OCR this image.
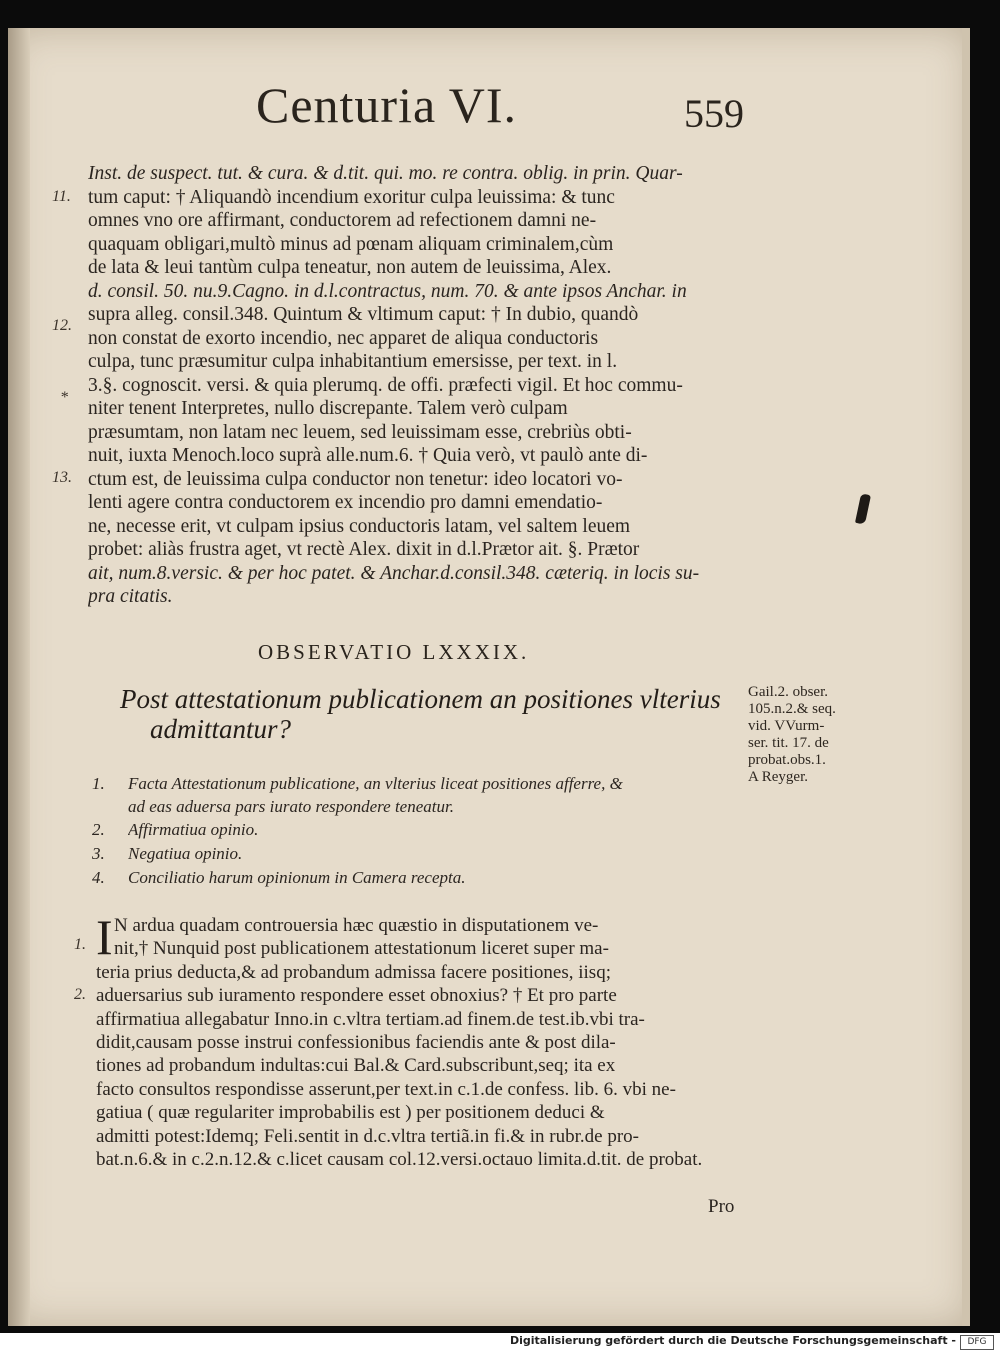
Centuria VI.	559
11.
12.
*
13.
Inst. de suspect. tut. & cura. & d.tit. qui. mo. re contra. oblig. in prin. Quar-
tum caput: † Aliquandò incendium exoritur culpa leuissima: & tunc
omnes vno ore affirmant, conductorem ad refectionem damni ne-
quaquam obligari,multò minus ad pœnam aliquam criminalem,cùm
de lata & leui tantùm culpa teneatur, non autem de leuissima, Alex.
d. consil. 50. nu.9.Cagno. in d.l.contractus, num. 70. & ante ipsos Anchar. in
supra alleg. consil.348. Quintum & vltimum caput: † In dubio, quandò
non constat de exorto incendio, nec apparet de aliqua conductoris
culpa, tunc præsumitur culpa inhabitantium emersisse, per text. in l.
3.§. cognoscit. versi. & quia plerumq. de offi. præfecti vigil. Et hoc commu-
niter tenent Interpretes, nullo discrepante. Talem verò culpam
præsumtam, non latam nec leuem, sed leuissimam esse, crebriùs obti-
nuit, iuxta Menoch.loco suprà alle.num.6. † Quia verò, vt paulò ante di-
ctum est, de leuissima culpa conductor non tenetur: ideo locatori vo-
lenti agere contra conductorem ex incendio pro damni emendatio-
ne, necesse erit, vt culpam ipsius conductoris latam, vel saltem leuem
probet: aliàs frustra aget, vt rectè Alex. dixit in d.l.Prætor ait. §. Prætor
ait, num.8.versic. & per hoc patet. & Anchar.d.consil.348. cæteriq. in locis su-
pra citatis.
OBSERVATIO LXXXIX.
Post attestationum publicationem an positiones vlterius
admittantur?
Gail.2. obser.
105.n.2.& seq.
vid. VVurm-
ser. tit. 17. de
probat.obs.1.
A Reyger.
1.	Facta Attestationum publicatione, an vlterius liceat positiones afferre, &
ad eas aduersa pars iurato respondere teneatur.
2.	Affirmatiua opinio.
3.	Negatiua opinio.
4.	Conciliatio harum opinionum in Camera recepta.
I
1.
2.
N ardua quadam controuersia hæc quæstio in disputationem ve-
nit,† Nunquid post publicationem attestationum liceret super ma-
teria prius deducta,& ad probandum admissa facere positiones, iisq;
aduersarius sub iuramento respondere esset obnoxius? † Et pro parte
affirmatiua allegabatur Inno.in c.vltra tertiam.ad finem.de test.ib.vbi tra-
didit,causam posse instrui confessionibus faciendis ante & post dila-
tiones ad probandum indultas:cui Bal.& Card.subscribunt,seq; ita ex
facto consultos respondisse asserunt,per text.in c.1.de confess. lib. 6. vbi ne-
gatiua ( quæ regulariter improbabilis est ) per positionem deduci &
admitti potest:Idemq; Feli.sentit in d.c.vltra tertiã.in fi.& in rubr.de pro-
bat.n.6.& in c.2.n.12.& c.licet causam col.12.versi.octauo limita.d.tit. de probat.
Pro
Digitalisierung gefördert durch die Deutsche Forschungsgemeinschaft -	DFG
